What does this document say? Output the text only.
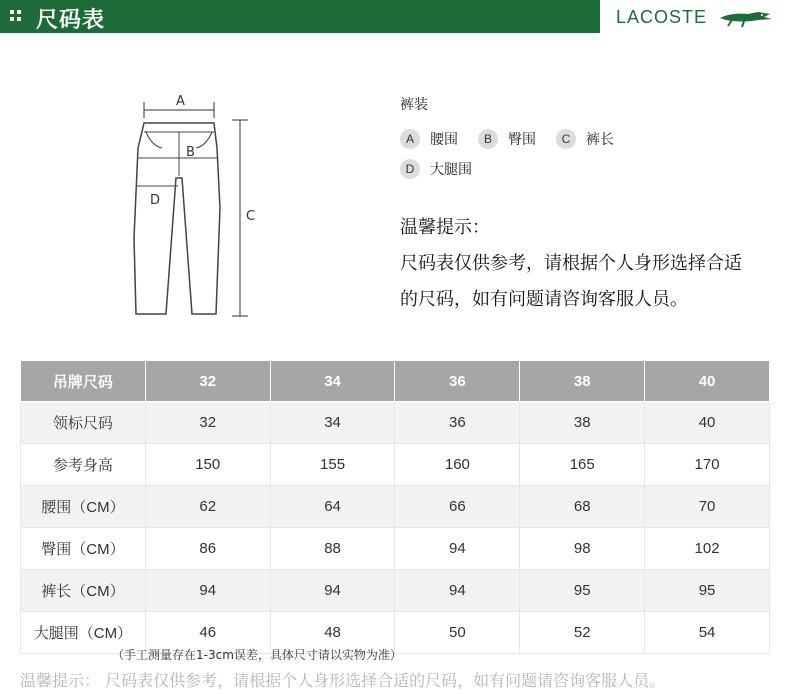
尺码表	LACOSTE
A
B
D
C
裤装
A	腰围	B	臀围	C	裤长
D	大腿围
温馨提示：
尺码表仅供参考，请根据个人身形选择合适
的尺码，如有问题请咨询客服人员。
吊牌尺码	32	34	36	38	40
领标尺码	32	34	36	38	40
参考身高	150	155	160	165	170
腰围（CM）	62	64	66	68	70
臀围（CM）	86	88	94	98	102
裤长（CM）	94	94	94	95	95
大腿围（CM）	46	48	50	52	54
（手工测量存在1-3cm误差，具体尺寸请以实物为准）
温馨提示： 尺码表仅供参考，请根据个人身形选择合适的尺码，如有问题请咨询客服人员。
